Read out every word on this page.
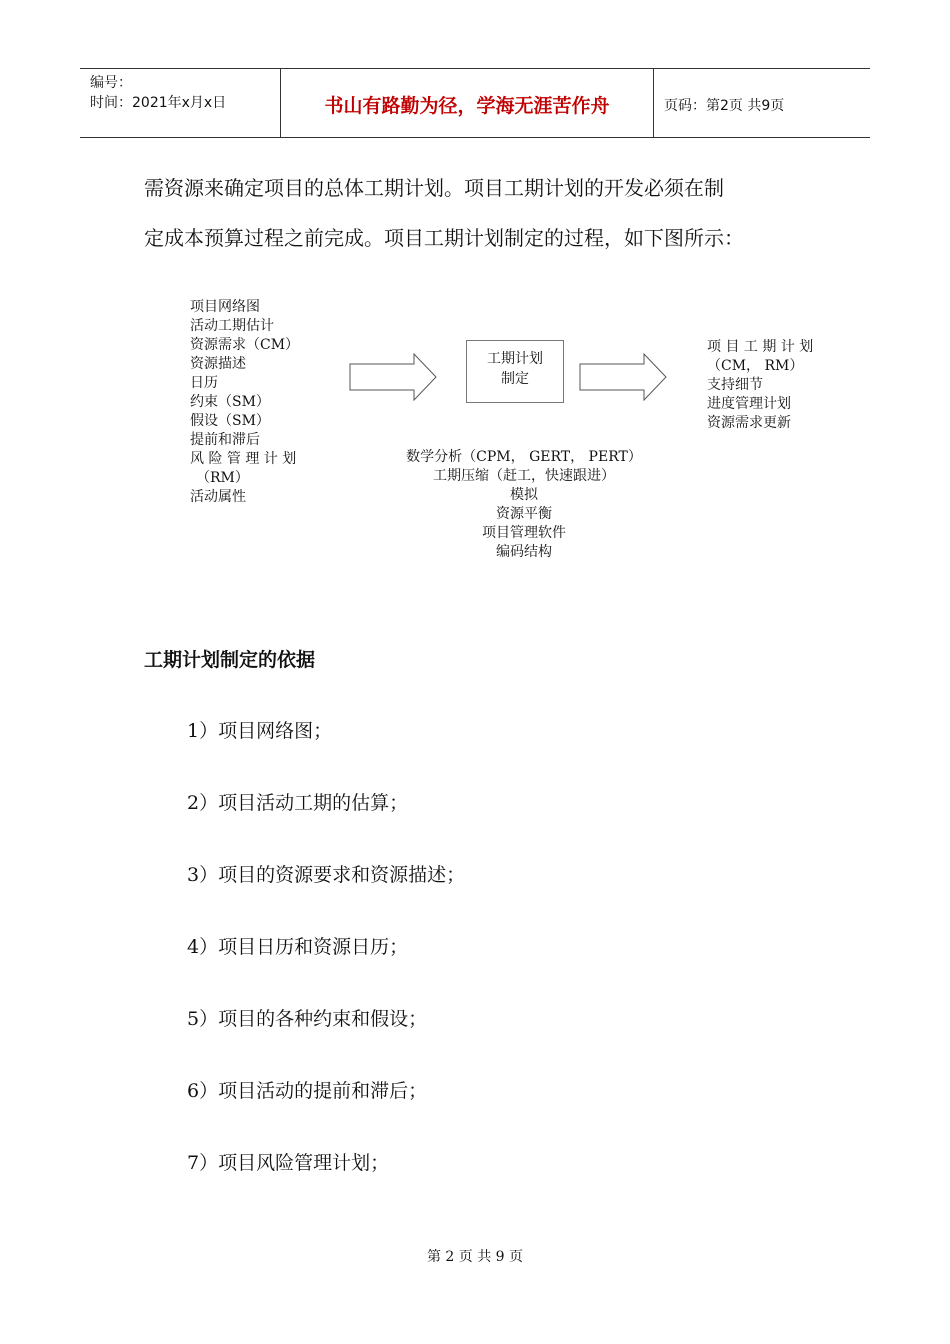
编号：
时间：2021年x月x日	书山有路勤为径，学海无涯苦作舟	页码：第2页 共9页
需资源来确定项目的总体工期计划。项目工期计划的开发必须在制
定成本预算过程之前完成。项目工期计划制定的过程，如下图所示：
项目网络图
活动工期估计
资源需求（CM）
资源描述
日历
约束（SM）
假设（SM）
提前和滞后
风 险 管 理 计 划
（RM）
活动属性
工期计划
制定
数学分析（CPM， GERT， PERT）
工期压缩（赶工，快速跟进）
模拟
资源平衡
项目管理软件
编码结构
项 目 工 期 计 划
（CM， RM）
支持细节
进度管理计划
资源需求更新
工期计划制定的依据
1）项目网络图；
2）项目活动工期的估算；
3）项目的资源要求和资源描述；
4）项目日历和资源日历；
5）项目的各种约束和假设；
6）项目活动的提前和滞后；
7）项目风险管理计划；
第 2 页 共 9 页
